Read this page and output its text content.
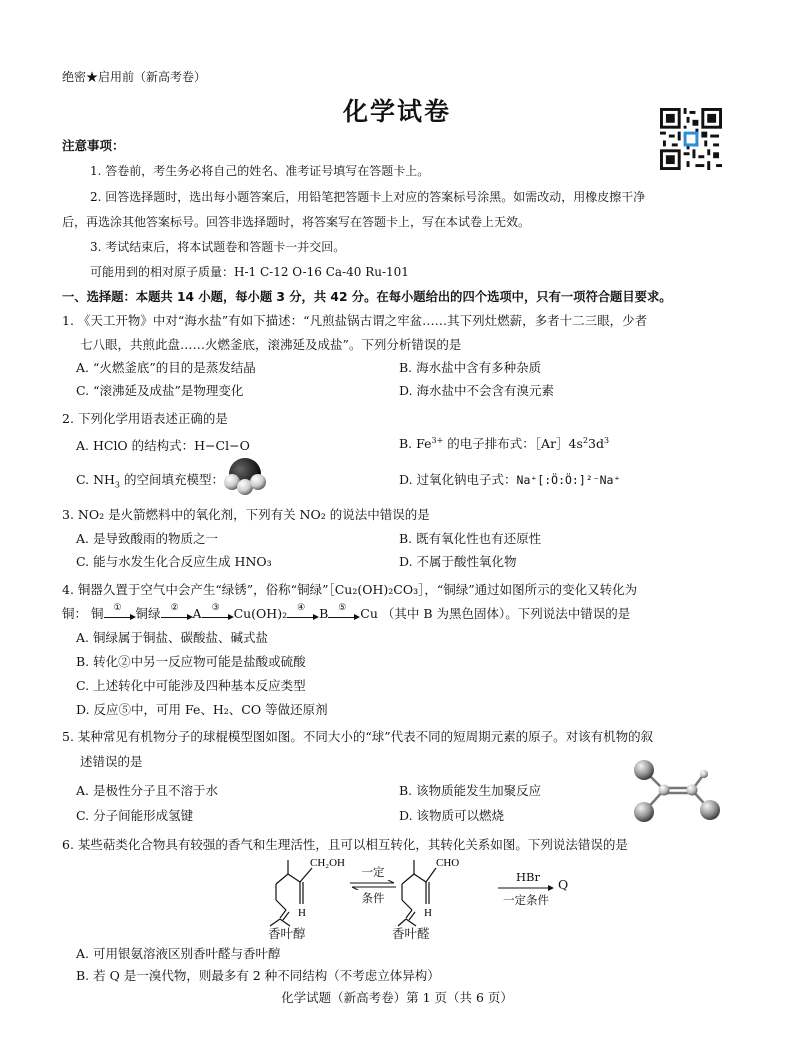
绝密★启用前（新高考卷）
化学试卷
注意事项：
1. 答卷前，考生务必将自己的姓名、准考证号填写在答题卡上。
2. 回答选择题时，选出每小题答案后，用铅笔把答题卡上对应的答案标号涂黑。如需改动，用橡皮擦干净
后，再选涂其他答案标号。回答非选择题时，将答案写在答题卡上，写在本试卷上无效。
3. 考试结束后，将本试题卷和答题卡一并交回。
可能用到的相对原子质量：H-1 C-12 O-16 Ca-40 Ru-101
一、选择题：本题共 14 小题，每小题 3 分，共 42 分。在每小题给出的四个选项中，只有一项符合题目要求。
1. 《天工开物》中对“海水盐”有如下描述：“凡煎盐锅古谓之牢盆……其下列灶燃薪，多者十二三眼，少者
七八眼，共煎此盘……火燃釜底，滚沸延及成盐”。下列分析错误的是
A. “火燃釜底”的目的是蒸发结晶	B. 海水盐中含有多种杂质
C. “滚沸延及成盐”是物理变化	D. 海水盐中不会含有溴元素
2. 下列化学用语表述正确的是
A. HClO 的结构式：H−Cl−O	B. $Fe^{3+}$ 的电子排布式：$[Ar]4s^23d^3$
C. $NH_3$ 的空间填充模型：	D. 过氧化钠电子式：Na⁺[:Ö:Ö:]²⁻Na⁺
3. NO₂ 是火箭燃料中的氧化剂，下列有关 NO₂ 的说法中错误的是
A. 是导致酸雨的物质之一	B. 既有氧化性也有还原性
C. 能与水发生化合反应生成 HNO₃	D. 不属于酸性氧化物
4. 铜器久置于空气中会产生“绿锈”，俗称“铜绿”［Cu₂(OH)₂CO₃］，“铜绿”通过如图所示的变化又转化为
铜： 铜 ① 铜绿 ② A ③ Cu(OH)₂ ④ B ⑤ Cu （其中 B 为黑色固体）。下列说法中错误的是
A. 铜绿属于铜盐、碳酸盐、碱式盐
B. 转化②中另一反应物可能是盐酸或硫酸
C. 上述转化中可能涉及四种基本反应类型
D. 反应⑤中，可用 Fe、H₂、CO 等做还原剂
5. 某种常见有机物分子的球棍模型图如图。不同大小的“球”代表不同的短周期元素的原子。对该有机物的叙
述错误的是
A. 是极性分子且不溶于水	B. 该物质能发生加聚反应
C. 分子间能形成氢键	D. 该物质可以燃烧
6. 某些萜类化合物具有较强的香气和生理活性，且可以相互转化，其转化关系如图。下列说法错误的是
CH₂OH
H
CHO
H
一定
条件
HBr
一定条件
Q
香叶醇	香叶醛
A. 可用银氨溶液区别香叶醛与香叶醇
B. 若 Q 是一溴代物，则最多有 2 种不同结构（不考虑立体异构）
化学试题（新高考卷）第 1 页（共 6 页）
